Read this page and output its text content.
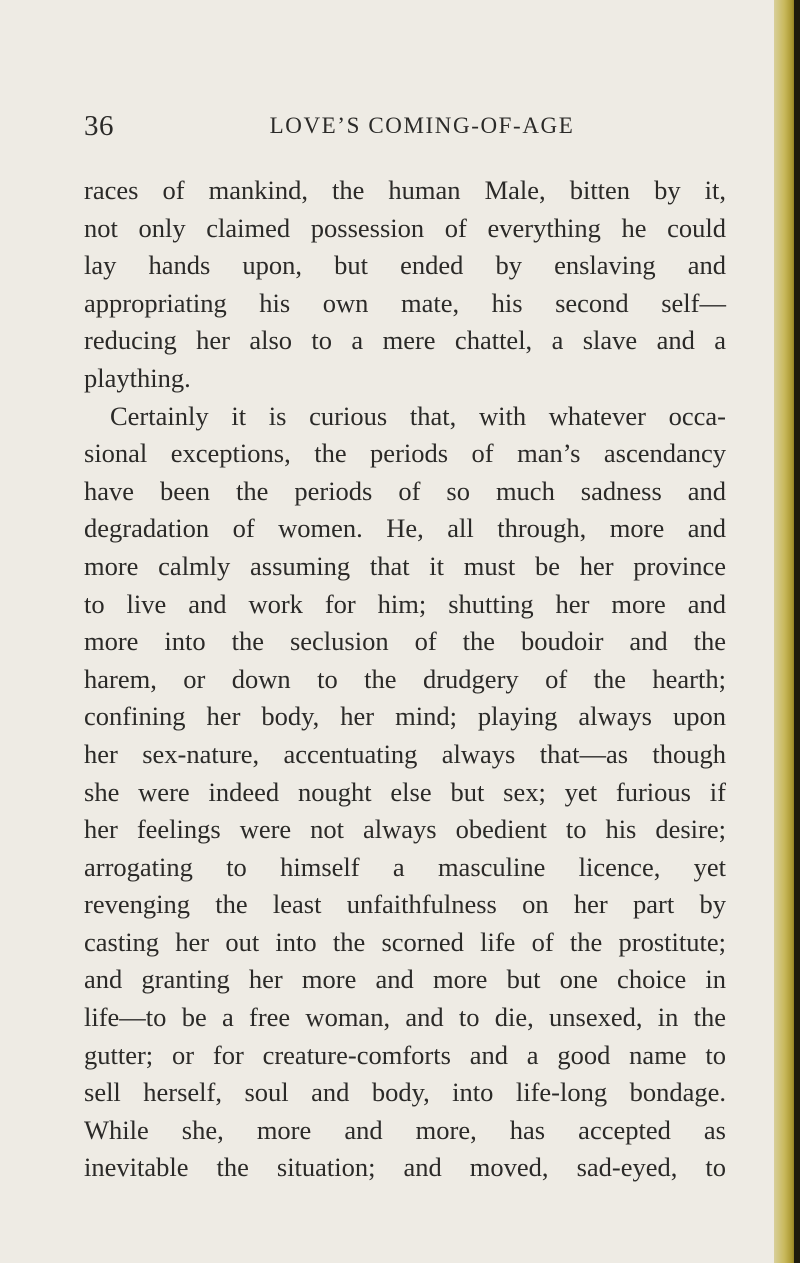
36	LOVE’S COMING-OF-AGE
races of mankind, the human Male, bitten by it,
not only claimed possession of everything he could
lay hands upon, but ended by enslaving and
appropriating his own mate, his second self—
reducing her also to a mere chattel, a slave and a
plaything.
Certainly it is curious that, with whatever occa-
sional exceptions, the periods of man’s ascendancy
have been the periods of so much sadness and
degradation of women. He, all through, more and
more calmly assuming that it must be her province
to live and work for him; shutting her more and
more into the seclusion of the boudoir and the
harem, or down to the drudgery of the hearth;
confining her body, her mind; playing always upon
her sex-nature, accentuating always that—as though
she were indeed nought else but sex; yet furious if
her feelings were not always obedient to his desire;
arrogating to himself a masculine licence, yet
revenging the least unfaithfulness on her part by
casting her out into the scorned life of the prostitute;
and granting her more and more but one choice in
life—to be a free woman, and to die, unsexed, in the
gutter; or for creature-comforts and a good name to
sell herself, soul and body, into life-long bondage.
While she, more and more, has accepted as
inevitable the situation; and moved, sad-eyed, to
